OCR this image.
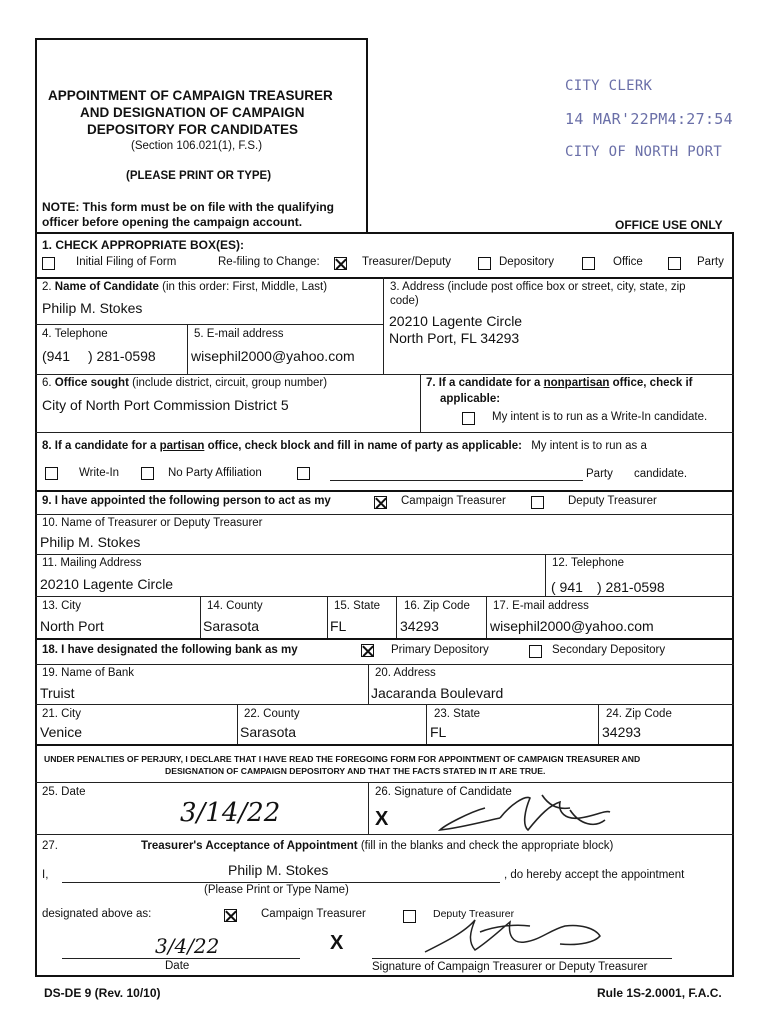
APPOINTMENT OF CAMPAIGN TREASURER
AND DESIGNATION OF CAMPAIGN
DEPOSITORY FOR CANDIDATES
(Section 106.021(1), F.S.)
(PLEASE PRINT OR TYPE)
NOTE: This form must be on file with the qualifying
officer before opening the campaign account.	OFFICE USE ONLY
CITY CLERK
14 MAR'22PM4:27:54
CITY OF NORTH PORT
1. CHECK APPROPRIATE BOX(ES):
Initial Filing of Form	Re-filing to Change:	Treasurer/Deputy	Depository	Office	Party
2. Name of Candidate (in this order: First, Middle, Last)
Philip M. Stokes
3. Address (include post office box or street, city, state, zip
code)
20210 Lagente Circle
North Port, FL 34293
4. Telephone
(941 ) 281-0598
5. E-mail address
wisephil2000@yahoo.com
6. Office sought (include district, circuit, group number)
City of North Port Commission District 5
7. If a candidate for a nonpartisan office, check if
applicable:
My intent is to run as a Write-In candidate.
8. If a candidate for a partisan office, check block and fill in name of party as applicable: My intent is to run as a
Write-In	No Party Affiliation	Party candidate.
9. I have appointed the following person to act as my	Campaign Treasurer	Deputy Treasurer
10. Name of Treasurer or Deputy Treasurer
Philip M. Stokes
11. Mailing Address
20210 Lagente Circle
12. Telephone
( 941 ) 281-0598
13. City
North Port
14. County
Sarasota
15. State
FL
16. Zip Code
34293
17. E-mail address
wisephil2000@yahoo.com
18. I have designated the following bank as my	Primary Depository	Secondary Depository
19. Name of Bank
Truist
20. Address
Jacaranda Boulevard
21. City
Venice
22. County
Sarasota
23. State
FL
24. Zip Code
34293
UNDER PENALTIES OF PERJURY, I DECLARE THAT I HAVE READ THE FOREGOING FORM FOR APPOINTMENT OF CAMPAIGN TREASURER AND
DESIGNATION OF CAMPAIGN DEPOSITORY AND THAT THE FACTS STATED IN IT ARE TRUE.
25. Date
3/14/22
26. Signature of Candidate
X
27.	Treasurer's Acceptance of Appointment (fill in the blanks and check the appropriate block)
I,	Philip M. Stokes	, do hereby accept the appointment
(Please Print or Type Name)
designated above as:	Campaign Treasurer	Deputy Treasurer
3/4/22	X
Date	Signature of Campaign Treasurer or Deputy Treasurer
DS-DE 9 (Rev. 10/10)	Rule 1S-2.0001, F.A.C.
